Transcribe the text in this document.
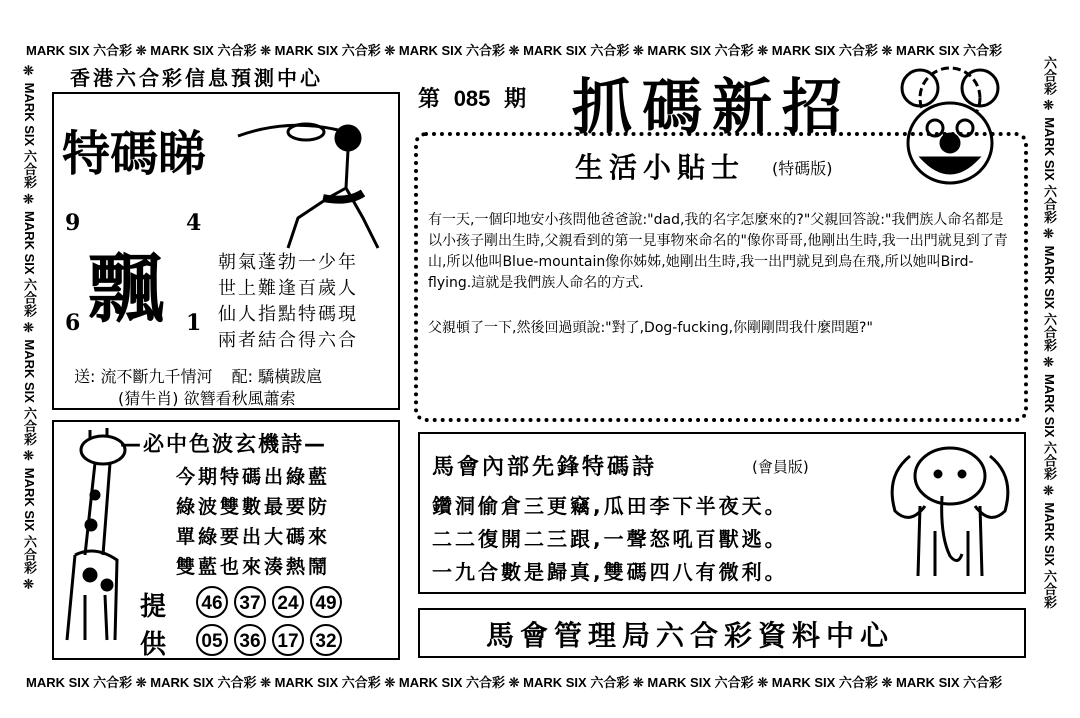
MARK SIX 六合彩 ❊ MARK SIX 六合彩 ❊ MARK SIX 六合彩 ❊ MARK SIX 六合彩 ❊ MARK SIX 六合彩 ❊ MARK SIX 六合彩 ❊ MARK SIX 六合彩 ❊ MARK SIX 六合彩
MARK SIX 六合彩 ❊ MARK SIX 六合彩 ❊ MARK SIX 六合彩 ❊ MARK SIX 六合彩 ❊ MARK SIX 六合彩 ❊ MARK SIX 六合彩 ❊ MARK SIX 六合彩 ❊ MARK SIX 六合彩
❊ MARK SIX 六合彩 ❊ MARK SIX 六合彩 ❊ MARK SIX 六合彩 ❊ MARK SIX 六合彩 ❊	六合彩 ❊ MARK SIX 六合彩 ❊ MARK SIX 六合彩 ❊ MARK SIX 六合彩 ❊ MARK SIX 六合彩
香港六合彩信息預測中心
第 085 期 抓碼新招
特碼睇
9	4
6	1
飄	朝氣蓬勃一少年
世上難逢百歲人
仙人指點特碼現
兩者結合得六合
送: 流不斷九千情河 配: 驕橫跋扈
(猜牛肖) 欲簪看秋風蕭索
生活小貼士 (特碼版)

有一天,一個印地安小孩問他爸爸說:"dad,我的名字怎麼來的?"父親回答說:"我們族人命名都是以小孩子剛出生時,父親看到的第一見事物來命名的"像你哥哥,他剛出生時,我一出門就見到了青山,所以他叫Blue-mountain像你姊姊,她剛出生時,我一出門就見到鳥在飛,所以她叫Bird-flying.這就是我們族人命名的方式.

父親頓了一下,然後回過頭說:"對了,Dog-fucking,你剛剛問我什麼問題?"

—必中色波玄機詩—
今期特碼出綠藍
綠波雙數最要防
單綠要出大碼來
雙藍也來湊熱鬧
提
供
46 37 24 49
05 36 17 32
馬會內部先鋒特碼詩	(會員版)
鑽洞偷倉三更竊,瓜田李下半夜天。
二二復開二三跟,一聲怒吼百獸逃。
一九合數是歸真,雙碼四八有微利。
馬會管理局六合彩資料中心
